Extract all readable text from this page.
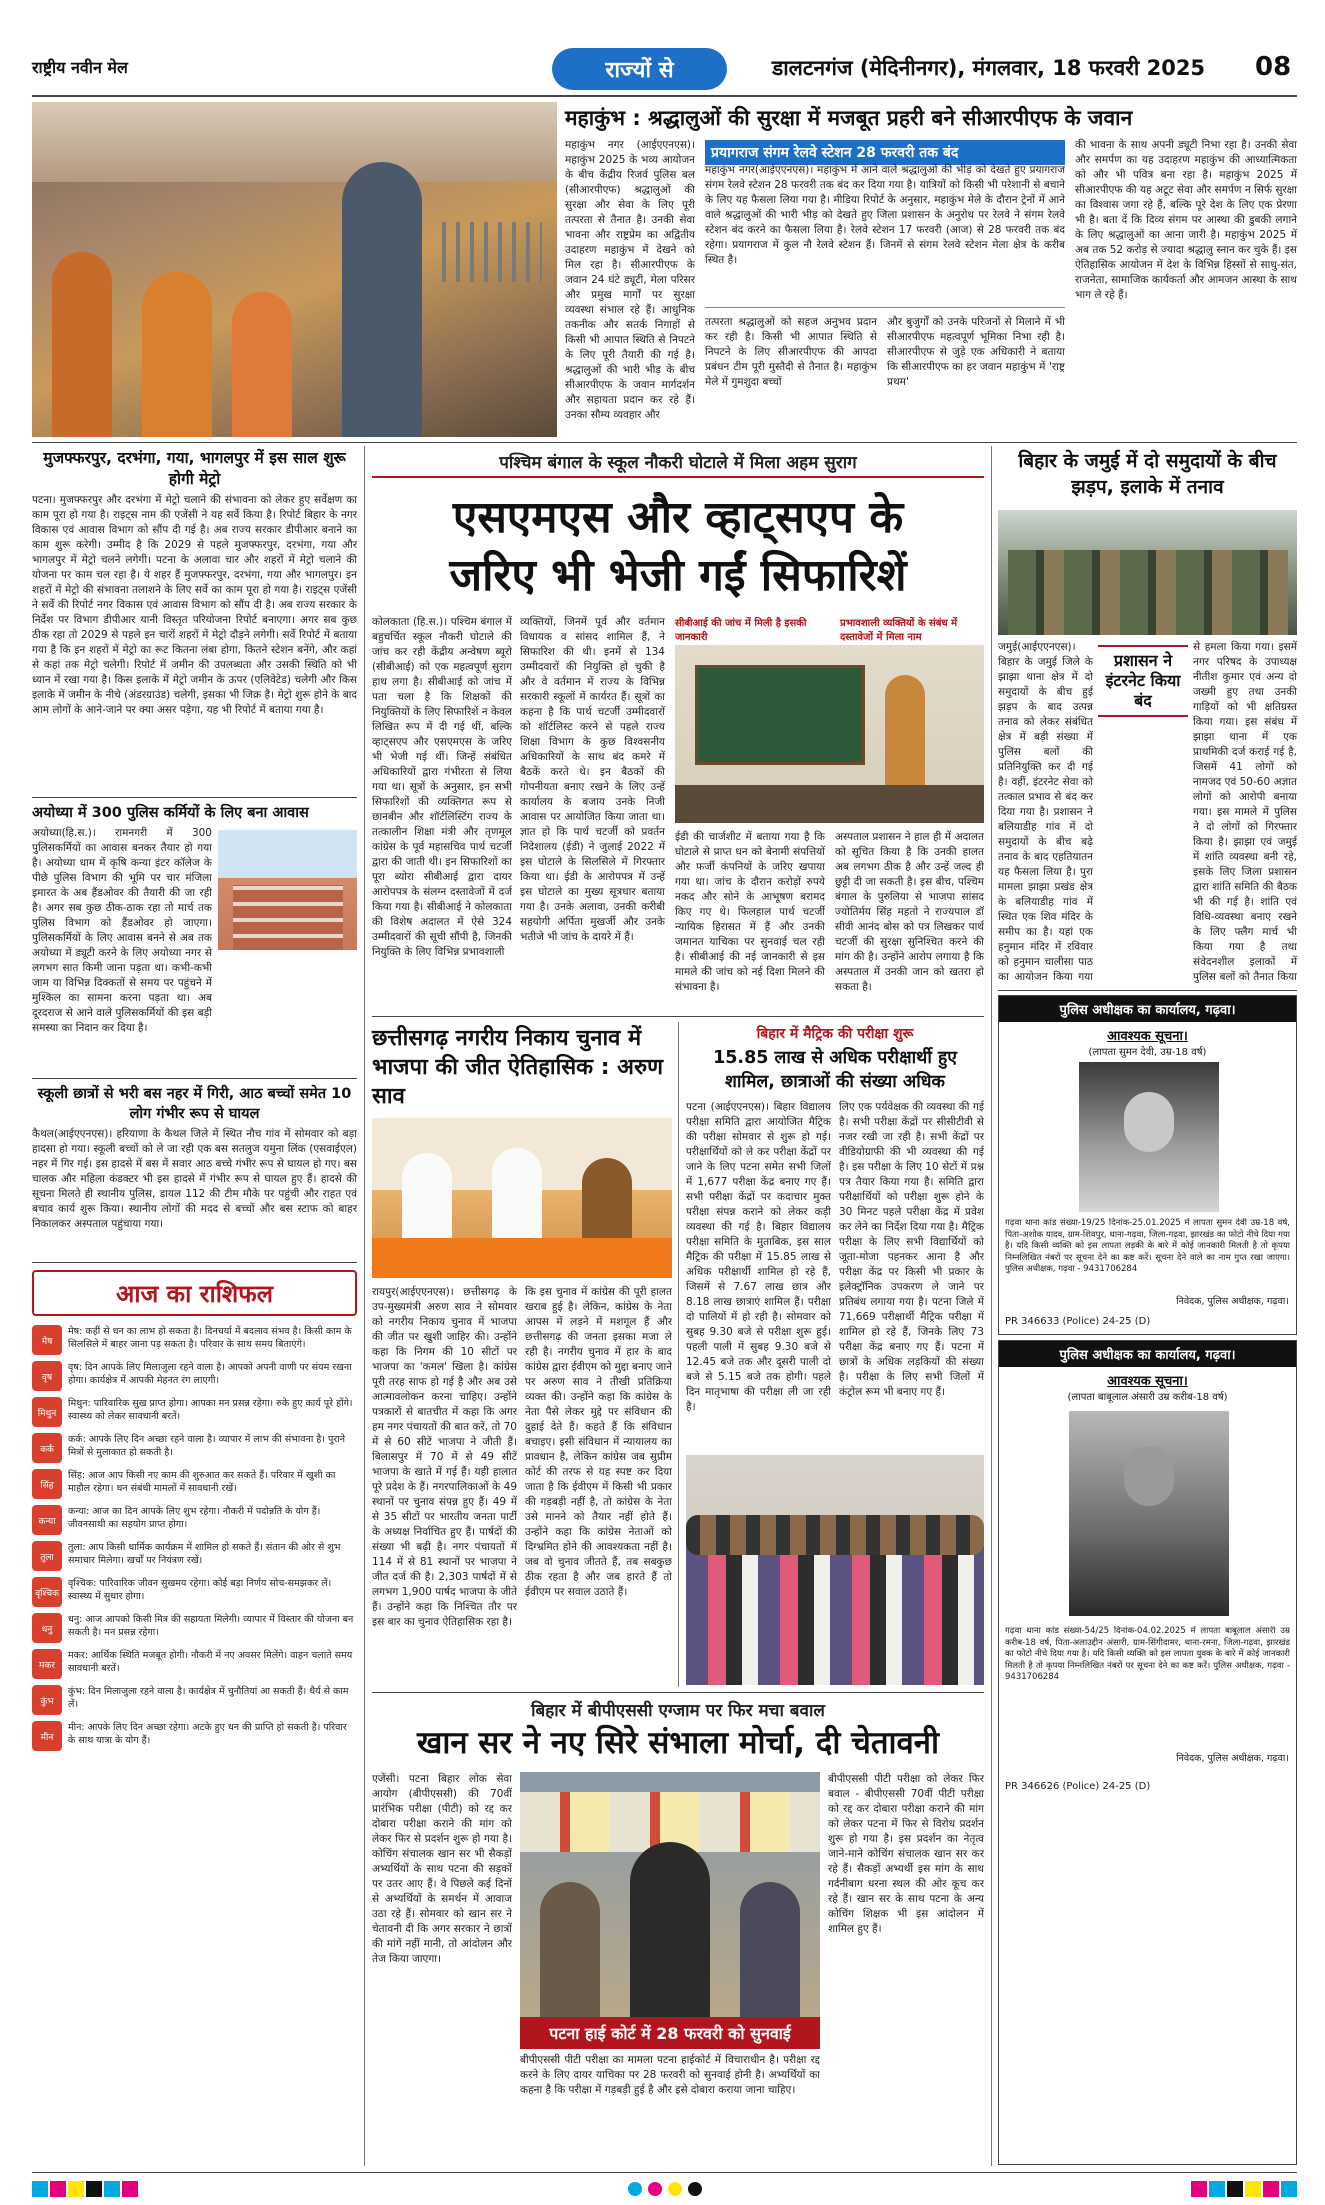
राष्ट्रीय नवीन मेल	राज्यों से	डालटनगंज (मेदिनीनगर), मंगलवार, 18 फरवरी 2025 08
महाकुंभ : श्रद्धालुओं की सुरक्षा में मजबूत प्रहरी बने सीआरपीएफ के जवान
महाकुंभ नगर (आईएएनएस)। महाकुंभ 2025 के भव्य आयोजन के बीच केंद्रीय रिजर्व पुलिस बल (सीआरपीएफ) श्रद्धालुओं की सुरक्षा और सेवा के लिए पूरी तत्परता से तैनात है। उनकी सेवा भावना और राष्ट्रप्रेम का अद्वितीय उदाहरण महाकुंभ में देखने को मिल रहा है। सीआरपीएफ के जवान 24 घंटे ड्यूटी, मेला परिसर और प्रमुख मार्गों पर सुरक्षा व्यवस्था संभाल रहे हैं। आधुनिक तकनीक और सतर्क निगाहों से किसी भी आपात स्थिति से निपटने के लिए पूरी तैयारी की गई है। श्रद्धालुओं की भारी भीड़ के बीच सीआरपीएफ के जवान मार्गदर्शन और सहायता प्रदान कर रहे हैं। उनका सौम्य व्यवहार और
प्रयागराज संगम रेलवे स्टेशन 28 फरवरी तक बंद
महाकुंभ नगर(आईएएनएस)। महाकुंभ में आने वाले श्रद्धालुओं की भीड़ को देखते हुए प्रयागराज संगम रेलवे स्टेशन 28 फरवरी तक बंद कर दिया गया है। यात्रियों को किसी भी परेशानी से बचाने के लिए यह फैसला लिया गया है। मीडिया रिपोर्ट के अनुसार, महाकुंभ मेले के दौरान ट्रेनों में आने वाले श्रद्धालुओं की भारी भीड़ को देखते हुए जिला प्रशासन के अनुरोध पर रेलवे ने संगम रेलवे स्टेशन बंद करने का फैसला लिया है। रेलवे स्टेशन 17 फरवरी (आज) से 28 फरवरी तक बंद रहेगा। प्रयागराज में कुल नौ रेलवे स्टेशन हैं। जिनमें से संगम रेलवे स्टेशन मेला क्षेत्र के करीब स्थित है।
तत्परता श्रद्धालुओं को सहज अनुभव प्रदान कर रही है। किसी भी आपात स्थिति से निपटने के लिए सीआरपीएफ की आपदा प्रबंधन टीम पूरी मुस्तैदी से तैनात है। महाकुंभ मेले में गुमशुदा बच्चों
और बुजुर्गों को उनके परिजनों से मिलाने में भी सीआरपीएफ महत्वपूर्ण भूमिका निभा रही है। सीआरपीएफ से जुड़े एक अधिकारी ने बताया कि सीआरपीएफ का हर जवान महाकुंभ में 'राष्ट्र प्रथम'
की भावना के साथ अपनी ड्यूटी निभा रहा है। उनकी सेवा और समर्पण का यह उदाहरण महाकुंभ की आध्यात्मिकता को और भी पवित्र बना रहा है। महाकुंभ 2025 में सीआरपीएफ की यह अटूट सेवा और समर्पण न सिर्फ सुरक्षा का विश्वास जगा रहे हैं, बल्कि पूरे देश के लिए एक प्रेरणा भी है। बता दें कि दिव्य संगम पर आस्था की डुबकी लगाने के लिए श्रद्धालुओं का आना जारी है। महाकुंभ 2025 में अब तक 52 करोड़ से ज्यादा श्रद्धालु स्नान कर चुके हैं। इस ऐतिहासिक आयोजन में देश के विभिन्न हिस्सों से साधु-संत, राजनेता, सामाजिक कार्यकर्ता और आमजन आस्था के साथ भाग ले रहे हैं।
मुजफ्फरपुर, दरभंगा, गया, भागलपुर में इस साल शुरू होगी मेट्रो
पटना। मुजफ्फरपुर और दरभंगा में मेट्रो चलाने की संभावना को लेकर हुए सर्वेक्षण का काम पूरा हो गया है। राइट्स नाम की एजेंसी ने यह सर्वे किया है। रिपोर्ट बिहार के नगर विकास एवं आवास विभाग को सौंप दी गई है। अब राज्य सरकार डीपीआर बनाने का काम शुरू करेगी। उम्मीद है कि 2029 से पहले मुजफ्फरपुर, दरभंगा, गया और भागलपुर में मेट्रो चलने लगेगी। पटना के अलावा चार और शहरों में मेट्रो चलाने की योजना पर काम चल रहा है। ये शहर हैं मुजफ्फरपुर, दरभंगा, गया और भागलपुर। इन शहरों में मेट्रो की संभावना तलाशने के लिए सर्वे का काम पूरा हो गया है। राइट्स एजेंसी ने सर्वे की रिपोर्ट नगर विकास एवं आवास विभाग को सौंप दी है। अब राज्य सरकार के निर्देश पर विभाग डीपीआर यानी विस्तृत परियोजना रिपोर्ट बनाएगा। अगर सब कुछ ठीक रहा तो 2029 से पहले इन चारों शहरों में मेट्रो दौड़ने लगेगी। सर्वे रिपोर्ट में बताया गया है कि इन शहरों में मेट्रो का रूट कितना लंबा होगा, कितने स्टेशन बनेंगे, और कहां से कहां तक मेट्रो चलेगी। रिपोर्ट में जमीन की उपलब्धता और उसकी स्थिति को भी ध्यान में रखा गया है। किस इलाके में मेट्रो जमीन के ऊपर (एलिवेटेड) चलेगी और किस इलाके में जमीन के नीचे (अंडरग्राउंड) चलेगी, इसका भी जिक्र है। मेट्रो शुरू होने के बाद आम लोगों के आने-जाने पर क्या असर पड़ेगा, यह भी रिपोर्ट में बताया गया है।
अयोध्या में 300 पुलिस कर्मियों के लिए बना आवास
अयोध्या(हि.स.)। रामनगरी में 300 पुलिसकर्मियों का आवास बनकर तैयार हो गया है। अयोध्या धाम में कृषि कन्या इंटर कॉलेज के पीछे पुलिस विभाग की भूमि पर चार मंजिला इमारत के अब हैंडओवर की तैयारी की जा रही है। अगर सब कुछ ठीक-ठाक रहा तो मार्च तक पुलिस विभाग को हैंडओवर हो जाएगा। पुलिसकर्मियों के लिए आवास बनने से अब तक अयोध्या में ड्यूटी करने के लिए अयोध्या नगर से लगभग सात किमी जाना पड़ता था। कभी-कभी जाम या विभिन्न दिक्कतों से समय पर पहुंचने में मुश्किल का सामना करना पड़ता था। अब दूरदराज से आने वाले पुलिसकर्मियों की इस बड़ी समस्या का निदान कर दिया है।
स्कूली छात्रों से भरी बस नहर में गिरी, आठ बच्चों समेत 10 लोग गंभीर रूप से घायल
कैथल(आईएएनएस)। हरियाणा के कैथल जिले में स्थित नौच गांव में सोमवार को बड़ा हादसा हो गया। स्कूली बच्चों को ले जा रही एक बस सतलुज यमुना लिंक (एसवाईएल) नहर में गिर गई। इस हादसे में बस में सवार आठ बच्चे गंभीर रूप से घायल हो गए। बस चालक और महिला कंडक्टर भी इस हादसे में गंभीर रूप से घायल हुए हैं। हादसे की सूचना मिलते ही स्थानीय पुलिस, डायल 112 की टीम मौके पर पहुंची और राहत एवं बचाव कार्य शुरू किया। स्थानीय लोगों की मदद से बच्चों और बस स्टाफ को बाहर निकालकर अस्पताल पहुंचाया गया।
आज का राशिफल
मेष
मेष: कहीं से धन का लाभ हो सकता है। दिनचर्या में बदलाव संभव है। किसी काम के सिलसिले में बाहर जाना पड़ सकता है। परिवार के साथ समय बिताएंगे।
वृष
वृष: दिन आपके लिए मिलाजुला रहने वाला है। आपको अपनी वाणी पर संयम रखना होगा। कार्यक्षेत्र में आपकी मेहनत रंग लाएगी।
मिथुन
मिथुन: पारिवारिक सुख प्राप्त होगा। आपका मन प्रसन्न रहेगा। रुके हुए कार्य पूरे होंगे। स्वास्थ्य को लेकर सावधानी बरतें।
कर्क
कर्क: आपके लिए दिन अच्छा रहने वाला है। व्यापार में लाभ की संभावना है। पुराने मित्रों से मुलाकात हो सकती है।
सिंह
सिंह: आज आप किसी नए काम की शुरुआत कर सकते हैं। परिवार में खुशी का माहौल रहेगा। धन संबंधी मामलों में सावधानी रखें।
कन्या
कन्या: आज का दिन आपके लिए शुभ रहेगा। नौकरी में पदोन्नति के योग हैं। जीवनसाथी का सहयोग प्राप्त होगा।
तुला
तुला: आप किसी धार्मिक कार्यक्रम में शामिल हो सकते हैं। संतान की ओर से शुभ समाचार मिलेगा। खर्चों पर नियंत्रण रखें।
वृश्चिक
वृश्चिक: पारिवारिक जीवन सुखमय रहेगा। कोई बड़ा निर्णय सोच-समझकर लें। स्वास्थ्य में सुधार होगा।
धनु
धनु: आज आपको किसी मित्र की सहायता मिलेगी। व्यापार में विस्तार की योजना बन सकती है। मन प्रसन्न रहेगा।
मकर
मकर: आर्थिक स्थिति मजबूत होगी। नौकरी में नए अवसर मिलेंगे। वाहन चलाते समय सावधानी बरतें।
कुंभ
कुंभ: दिन मिलाजुला रहने वाला है। कार्यक्षेत्र में चुनौतियां आ सकती हैं। धैर्य से काम लें।
मीन
मीन: आपके लिए दिन अच्छा रहेगा। अटके हुए धन की प्राप्ति हो सकती है। परिवार के साथ यात्रा के योग हैं।
पश्चिम बंगाल के स्कूल नौकरी घोटाले में मिला अहम सुराग
एसएमएस और व्हाट्सएप के
जरिए भी भेजी गईं सिफारिशें
कोलकाता (हि.स.)। पश्चिम बंगाल में बहुचर्चित स्कूल नौकरी घोटाले की जांच कर रही केंद्रीय अन्वेषण ब्यूरो (सीबीआई) को एक महत्वपूर्ण सुराग हाथ लगा है। सीबीआई को जांच में पता चला है कि शिक्षकों की नियुक्तियों के लिए सिफारिशें न केवल लिखित रूप में दी गई थीं, बल्कि व्हाट्सएप और एसएमएस के जरिए भी भेजी गई थीं। जिन्हें संबंधित अधिकारियों द्वारा गंभीरता से लिया गया था। सूत्रों के अनुसार, इन सभी सिफारिशों की व्यक्तिगत रूप से छानबीन और शॉर्टलिस्टिंग राज्य के तत्कालीन शिक्षा मंत्री और तृणमूल कांग्रेस के पूर्व महासचिव पार्थ चटर्जी द्वारा की जाती थी। इन सिफारिशों का पूरा ब्योरा सीबीआई द्वारा दायर आरोपपत्र के संलग्न दस्तावेजों में दर्ज किया गया है। सीबीआई ने कोलकाता की विशेष अदालत में ऐसे 324 उम्मीदवारों की सूची सौंपी है, जिनकी नियुक्ति के लिए विभिन्न प्रभावशाली
व्यक्तियों, जिनमें पूर्व और वर्तमान विधायक व सांसद शामिल हैं, ने सिफारिश की थी। इनमें से 134 उम्मीदवारों की नियुक्ति हो चुकी है और वे वर्तमान में राज्य के विभिन्न सरकारी स्कूलों में कार्यरत हैं। सूत्रों का कहना है कि पार्थ चटर्जी उम्मीदवारों को शॉर्टलिस्ट करने से पहले राज्य शिक्षा विभाग के कुछ विश्वसनीय अधिकारियों के साथ बंद कमरे में बैठकें करते थे। इन बैठकों की गोपनीयता बनाए रखने के लिए उन्हें कार्यालय के बजाय उनके निजी आवास पर आयोजित किया जाता था। ज्ञात हो कि पार्थ चटर्जी को प्रवर्तन निदेशालय (ईडी) ने जुलाई 2022 में इस घोटाले के सिलसिले में गिरफ्तार किया था। ईडी के आरोपपत्र में उन्हें इस घोटाले का मुख्य सूत्रधार बताया गया है। उनके अलावा, उनकी करीबी सहयोगी अर्पिता मुखर्जी और उनके भतीजे भी जांच के दायरे में हैं।
सीबीआई की जांच में मिली है इसकी जानकारी
प्रभावशाली व्यक्तियों के संबंध में दस्तावेजों में मिला नाम
ईडी की चार्जशीट में बताया गया है कि घोटाले से प्राप्त धन को बेनामी संपत्तियों और फर्जी कंपनियों के जरिए खपाया गया था। जांच के दौरान करोड़ों रुपये नकद और सोने के आभूषण बरामद किए गए थे। फिलहाल पार्थ चटर्जी न्यायिक हिरासत में हैं और उनकी जमानत याचिका पर सुनवाई चल रही है। सीबीआई की नई जानकारी से इस मामले की जांच को नई दिशा मिलने की संभावना है।
अस्पताल प्रशासन ने हाल ही में अदालत को सूचित किया है कि उनकी हालत अब लगभग ठीक है और उन्हें जल्द ही छुट्टी दी जा सकती है। इस बीच, पश्चिम बंगाल के पुरुलिया से भाजपा सांसद ज्योतिर्मय सिंह महतो ने राज्यपाल डॉ सीवी आनंद बोस को पत्र लिखकर पार्थ चटर्जी की सुरक्षा सुनिश्चित करने की मांग की है। उन्होंने आरोप लगाया है कि अस्पताल में उनकी जान को खतरा हो सकता है।
छत्तीसगढ़ नगरीय निकाय चुनाव में भाजपा की जीत ऐतिहासिक : अरुण साव
रायपुर(आईएएनएस)। छत्तीसगढ़ के उप-मुख्यमंत्री अरुण साव ने सोमवार को नगरीय निकाय चुनाव में भाजपा की जीत पर खुशी जाहिर की। उन्होंने कहा कि निगम की 10 सीटों पर भाजपा का 'कमल' खिला है। कांग्रेस पूरी तरह साफ हो गई है और अब उसे आत्मावलोकन करना चाहिए। उन्होंने पत्रकारों से बातचीत में कहा कि अगर हम नगर पंचायतों की बात करें, तो 70 में से 60 सीटें भाजपा ने जीती हैं। बिलासपुर में 70 में से 49 सीटें भाजपा के खाते में गई हैं। यही हालात पूरे प्रदेश के हैं। नगरपालिकाओं के 49 स्थानों पर चुनाव संपन्न हुए हैं। 49 में से 35 सीटों पर भारतीय जनता पार्टी के अध्यक्ष निर्वाचित हुए हैं। पार्षदों की संख्या भी बढ़ी है। नगर पंचायतों में 114 में से 81 स्थानों पर भाजपा ने जीत दर्ज की है। 2,303 पार्षदों में से लगभग 1,900 पार्षद भाजपा के जीते हैं। उन्होंने कहा कि निश्चित तौर पर इस बार का चुनाव ऐतिहासिक रहा है।
कि इस चुनाव में कांग्रेस की पूरी हालत खराब हुई है। लेकिन, कांग्रेस के नेता आपस में लड़ने में मशगूल हैं और छत्तीसगढ़ की जनता इसका मजा ले रही है। नगरीय चुनाव में हार के बाद कांग्रेस द्वारा ईवीएम को मुद्दा बनाए जाने पर अरुण साव ने तीखी प्रतिक्रिया व्यक्त की। उन्होंने कहा कि कांग्रेस के नेता पैसे लेकर मुद्दे पर संविधान की दुहाई देते हैं। कहते हैं कि संविधान बचाइए। इसी संविधान में न्यायालय का प्रावधान है, लेकिन कांग्रेस जब सुप्रीम कोर्ट की तरफ से यह स्पष्ट कर दिया जाता है कि ईवीएम में किसी भी प्रकार की गड़बड़ी नहीं है, तो कांग्रेस के नेता उसे मानने को तैयार नहीं होते हैं। उन्होंने कहा कि कांग्रेस नेताओं को दिग्भ्रमित होने की आवश्यकता नहीं है। जब वो चुनाव जीतते हैं, तब सबकुछ ठीक रहता है और जब हारते हैं तो ईवीएम पर सवाल उठाते हैं।
बिहार में मैट्रिक की परीक्षा शुरू
15.85 लाख से अधिक परीक्षार्थी हुए शामिल, छात्राओं की संख्या अधिक
पटना (आईएएनएस)। बिहार विद्यालय परीक्षा समिति द्वारा आयोजित मैट्रिक की परीक्षा सोमवार से शुरू हो गई। परीक्षार्थियों को ले कर परीक्षा केंद्रों पर जाने के लिए पटना समेत सभी जिलों में 1,677 परीक्षा केंद्र बनाए गए हैं। सभी परीक्षा केंद्रों पर कदाचार मुक्त परीक्षा संपन्न कराने को लेकर कड़ी व्यवस्था की गई है। बिहार विद्यालय परीक्षा समिति के मुताबिक, इस साल मैट्रिक की परीक्षा में 15.85 लाख से अधिक परीक्षार्थी शामिल हो रहे हैं, जिसमें से 7.67 लाख छात्र और 8.18 लाख छात्राएं शामिल हैं। परीक्षा दो पालियों में हो रही है। सोमवार को सुबह 9.30 बजे से परीक्षा शुरू हुई। पहली पाली में सुबह 9.30 बजे से 12.45 बजे तक और दूसरी पाली दो बजे से 5.15 बजे तक होगी। पहले दिन मातृभाषा की परीक्षा ली जा रही है।
लिए एक पर्यवेक्षक की व्यवस्था की गई है। सभी परीक्षा केंद्रों पर सीसीटीवी से नजर रखी जा रही है। सभी केंद्रों पर वीडियोग्राफी की भी व्यवस्था की गई है। इस परीक्षा के लिए 10 सेटों में प्रश्न पत्र तैयार किया गया है। समिति द्वारा परीक्षार्थियों को परीक्षा शुरू होने के 30 मिनट पहले परीक्षा केंद्र में प्रवेश कर लेने का निर्देश दिया गया है। मैट्रिक परीक्षा के लिए सभी विद्यार्थियों को जूता-मोजा पहनकर आना है और परीक्षा केंद्र पर किसी भी प्रकार के इलेक्ट्रॉनिक उपकरण ले जाने पर प्रतिबंध लगाया गया है। पटना जिले में 71,669 परीक्षार्थी मैट्रिक परीक्षा में शामिल हो रहे हैं, जिनके लिए 73 परीक्षा केंद्र बनाए गए हैं। पटना में छात्रों के अधिक लड़कियों की संख्या है। परीक्षा के लिए सभी जिलों में कंट्रोल रूम भी बनाए गए हैं।
बिहार में बीपीएससी एग्जाम पर फिर मचा बवाल
खान सर ने नए सिरे संभाला मोर्चा, दी चेतावनी
एजेंसी। पटना बिहार लोक सेवा आयोग (बीपीएससी) की 70वीं प्रारंभिक परीक्षा (पीटी) को रद्द कर दोबारा परीक्षा कराने की मांग को लेकर फिर से प्रदर्शन शुरू हो गया है। कोचिंग संचालक खान सर भी सैकड़ों अभ्यर्थियों के साथ पटना की सड़कों पर उतर आए हैं। वे पिछले कई दिनों से अभ्यर्थियों के समर्थन में आवाज उठा रहे हैं। सोमवार को खान सर ने चेतावनी दी कि अगर सरकार ने छात्रों की मांगें नहीं मानी, तो आंदोलन और तेज किया जाएगा।
पटना हाई कोर्ट में 28 फरवरी को सुनवाई
बीपीएससी पीटी परीक्षा का मामला पटना हाईकोर्ट में विचाराधीन है। परीक्षा रद्द करने के लिए दायर याचिका पर 28 फरवरी को सुनवाई होनी है। अभ्यर्थियों का कहना है कि परीक्षा में गड़बड़ी हुई है और इसे दोबारा कराया जाना चाहिए।
बीपीएससी पीटी परीक्षा को लेकर फिर बवाल - बीपीएससी 70वीं पीटी परीक्षा को रद्द कर दोबारा परीक्षा कराने की मांग को लेकर पटना में फिर से विरोध प्रदर्शन शुरू हो गया है। इस प्रदर्शन का नेतृत्व जाने-माने कोचिंग संचालक खान सर कर रहे हैं। सैकड़ों अभ्यर्थी इस मांग के साथ गर्दनीबाग धरना स्थल की ओर कूच कर रहे हैं। खान सर के साथ पटना के अन्य कोचिंग शिक्षक भी इस आंदोलन में शामिल हुए हैं।
बिहार के जमुई में दो समुदायों के बीच झड़प, इलाके में तनाव
जमुई(आईएएनएस)। बिहार के जमुई जिले के झाझा थाना क्षेत्र में दो समुदायों के बीच हुई झड़प के बाद उत्पन्न तनाव को लेकर संबंधित क्षेत्र में बड़ी संख्या में पुलिस बलों की प्रतिनियुक्ति कर दी गई है। वहीं, इंटरनेट सेवा को तत्काल प्रभाव से बंद कर दिया गया है। प्रशासन ने बलियाडीह गांव में दो समुदायों के बीच बढ़े तनाव के बाद एहतियातन यह फैसला लिया है। पुरा मामला झाझा प्रखंड क्षेत्र के बलियाडीह गांव में स्थित एक शिव मंदिर के समीप का है। यहां एक हनुमान मंदिर में रविवार को हनुमान चालीसा पाठ का आयोजन किया गया
प्रशासन ने इंटरनेट किया बंद
से हमला किया गया। इसमें नगर परिषद के उपाध्यक्ष नीतीश कुमार एवं अन्य दो जख्मी हुए तथा उनकी गाड़ियों को भी क्षतिग्रस्त किया गया। इस संबंध में झाझा थाना में एक प्राथमिकी दर्ज कराई गई है, जिसमें 41 लोगों को नामजद एवं 50-60 अज्ञात लोगों को आरोपी बनाया गया। इस मामले में पुलिस ने दो लोगों को गिरफ्तार किया है। झाझा एवं जमुई में शांति व्यवस्था बनी रहे, इसके लिए जिला प्रशासन द्वारा शांति समिति की बैठक भी की गई है। शांति एवं विधि-व्यवस्था बनाए रखने के लिए फ्लैग मार्च भी किया गया है तथा संवेदनशील इलाकों में पुलिस बलों को तैनात किया
पुलिस अधीक्षक का कार्यालय, गढ़वा।
आवश्यक सूचना।
(लापता सुमन देवी, उम्र-18 वर्ष)
गढ़वा थाना कांड संख्या-19/25 दिनांक-25.01.2025 में लापता सुमन देवी उम्र-18 वर्ष, पिता-अशोक यादव, ग्राम-शिवपुर, थाना-गढ़वा, जिला-गढ़वा, झारखंड का फोटो नीचे दिया गया है। यदि किसी व्यक्ति को इस लापता लड़की के बारे में कोई जानकारी मिलती है तो कृपया निम्नलिखित नंबरों पर सूचना देने का कष्ट करें। सूचना देने वाले का नाम गुप्त रखा जाएगा। पुलिस अधीक्षक, गढ़वा - 9431706284
निवेदक, पुलिस अधीक्षक, गढ़वा।
PR 346633 (Police) 24-25 (D)
पुलिस अधीक्षक का कार्यालय, गढ़वा।
आवश्यक सूचना।
(लापता बाबूलाल अंसारी उम्र करीब-18 वर्ष)
गढ़वा थाना कांड संख्या-54/25 दिनांक-04.02.2025 में लापता बाबूलाल अंसारी उम्र करीब-18 वर्ष, पिता-अलाउद्दीन अंसारी, ग्राम-सिंगीदामर, थाना-रमना, जिला-गढ़वा, झारखंड का फोटो नीचे दिया गया है। यदि किसी व्यक्ति को इस लापता युवक के बारे में कोई जानकारी मिलती है तो कृपया निम्नलिखित नंबरों पर सूचना देने का कष्ट करें। पुलिस अधीक्षक, गढ़वा - 9431706284
निवेदक, पुलिस अधीक्षक, गढ़वा।
PR 346626 (Police) 24-25 (D)
